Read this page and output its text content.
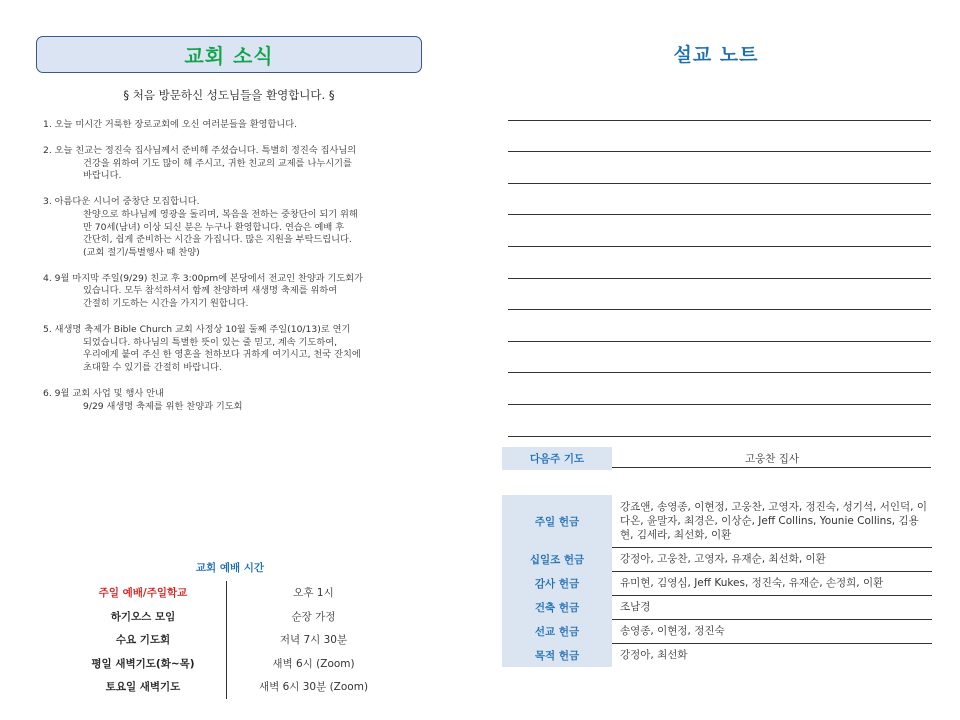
교회 소식
§ 처음 방문하신 성도님들을 환영합니다. §
1. 오늘 미시간 거룩한 장로교회에 오신 여러분들을 환영합니다.
2. 오늘 친교는 정진숙 집사님께서 준비해 주셨습니다. 특별히 정진숙 집사님의
건강을 위하여 기도 많이 해 주시고, 귀한 친교의 교제를 나누시기를
바랍니다.
3. 아름다운 시니어 중창단 모집합니다.
찬양으로 하나님께 영광을 돌리며, 복음을 전하는 중창단이 되기 위해
만 70세(남녀) 이상 되신 분은 누구나 환영합니다. 연습은 예배 후
간단히, 쉽게 준비하는 시간을 가집니다. 많은 지원을 부탁드립니다.
(교회 절기/특별행사 때 찬양)
4. 9월 마지막 주일(9/29) 친교 후 3:00pm에 본당에서 전교인 찬양과 기도회가
있습니다. 모두 참석하셔서 함께 찬양하며 새생명 축제를 위하여
간절히 기도하는 시간을 가지기 원합니다.
5. 새생명 축제가 Bible Church 교회 사정상 10월 둘째 주일(10/13)로 연기
되었습니다. 하나님의 특별한 뜻이 있는 줄 믿고, 계속 기도하여,
우리에게 붙여 주신 한 영혼을 천하보다 귀하게 여기시고, 천국 잔치에
초대할 수 있기를 간절히 바랍니다.
6. 9월 교회 사업 및 행사 안내
9/29 새생명 축제를 위한 찬양과 기도회
교회 예배 시간
주일 예배/주일학교	오후 1시
하기오스 모임	순장 가정
수요 기도회	저녁 7시 30분
평일 새벽기도(화~목)	새벽 6시 (Zoom)
토요일 새벽기도	새벽 6시 30분 (Zoom)
설교 노트
다음주 기도	고웅찬 집사
주일 헌금	강죠앤, 송영종, 이현정, 고웅찬, 고영자, 정진숙, 성기석, 서인덕, 이다온, 윤말자, 최경은, 이상순, Jeff Collins, Younie Collins, 김용현, 김세라, 최선화, 이환
십일조 헌금	강정아, 고웅찬, 고영자, 유재순, 최선화, 이환
감사 헌금	유미현, 김영심, Jeff Kukes, 정진숙, 유재순, 손정희, 이환
건축 헌금	조남경
선교 헌금	송영종, 이현정, 정진숙
목적 헌금	강정아, 최선화
